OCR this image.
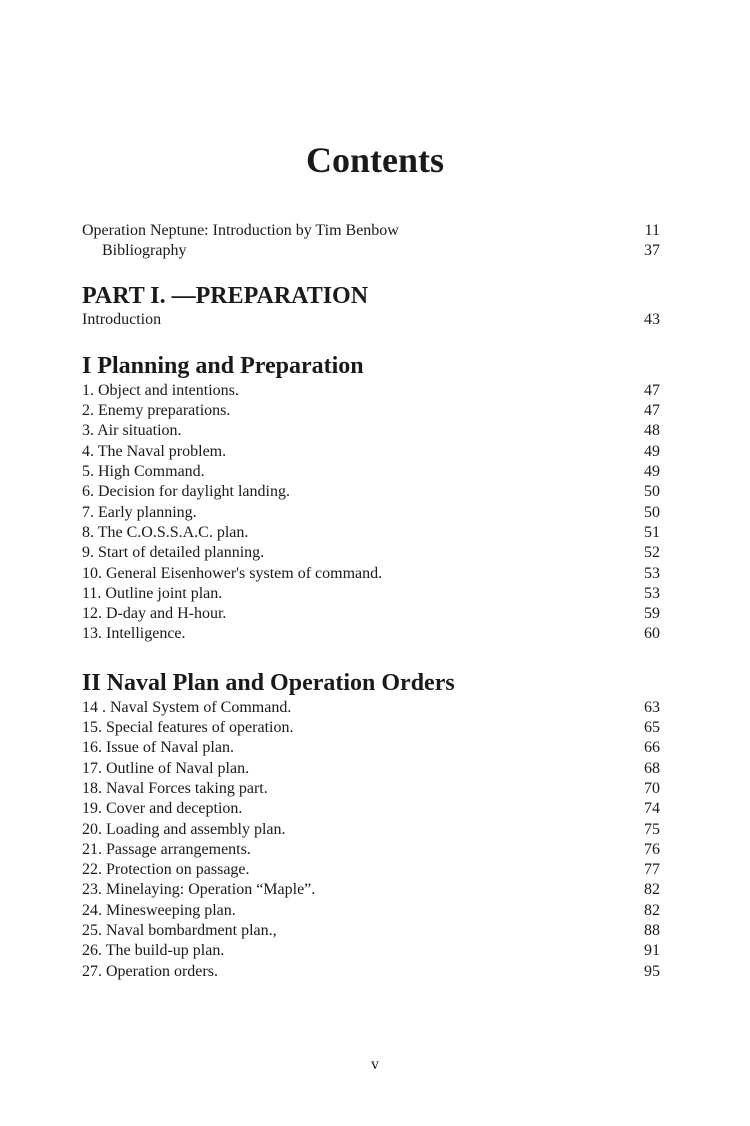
Contents
Operation Neptune: Introduction by Tim Benbow	11
Bibliography	37
PART I. —PREPARATION
Introduction	43
I Planning and Preparation
1. Object and intentions.	47
2. Enemy preparations.	47
3. Air situation.	48
4. The Naval problem.	49
5. High Command.	49
6. Decision for daylight landing.	50
7. Early planning.	50
8. The C.O.S.S.A.C. plan.	51
9. Start of detailed planning.	52
10. General Eisenhower's system of command.	53
11. Outline joint plan.	53
12. D-day and H-hour.	59
13. Intelligence.	60
II Naval Plan and Operation Orders
14 . Naval System of Command.	63
15. Special features of operation.	65
16. Issue of Naval plan.	66
17. Outline of Naval plan.	68
18. Naval Forces taking part.	70
19. Cover and deception.	74
20. Loading and assembly plan.	75
21. Passage arrangements.	76
22. Protection on passage.	77
23. Minelaying: Operation “Maple”.	82
24. Minesweeping plan.	82
25. Naval bombardment plan.,	88
26. The build-up plan.	91
27. Operation orders.	95
v
